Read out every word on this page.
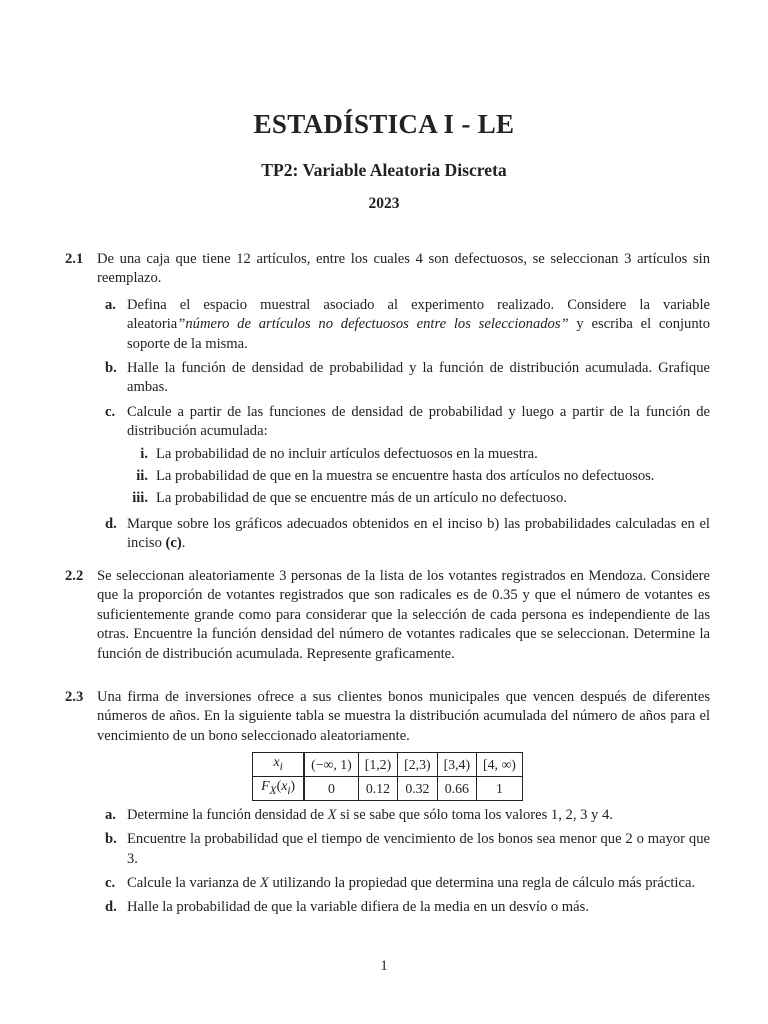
ESTADÍSTICA I - LE
TP2: Variable Aleatoria Discreta
2023
2.1 De una caja que tiene 12 artículos, entre los cuales 4 son defectuosos, se seleccionan 3 artículos sin reemplazo.
a. Defina el espacio muestral asociado al experimento realizado. Considere la variable aleatoria”número de artículos no defectuosos entre los seleccionados” y escriba el conjunto soporte de la misma.
b. Halle la función de densidad de probabilidad y la función de distribución acumulada. Grafique ambas.
c. Calcule a partir de las funciones de densidad de probabilidad y luego a partir de la función de distribución acumulada:
i. La probabilidad de no incluir artículos defectuosos en la muestra.
ii. La probabilidad de que en la muestra se encuentre hasta dos artículos no defectuosos.
iii. La probabilidad de que se encuentre más de un artículo no defectuoso.
d. Marque sobre los gráficos adecuados obtenidos en el inciso b) las probabilidades calculadas en el inciso (c).
2.2 Se seleccionan aleatoriamente 3 personas de la lista de los votantes registrados en Mendoza. Considere que la proporción de votantes registrados que son radicales es de 0.35 y que el número de votantes es suficientemente grande como para considerar que la selección de cada persona es independiente de las otras. Encuentre la función densidad del número de votantes radicales que se seleccionan. Determine la función de distribución acumulada. Represente graficamente.
2.3 Una firma de inversiones ofrece a sus clientes bonos municipales que vencen después de diferentes números de años. En la siguiente tabla se muestra la distribución acumulada del número de años para el vencimiento de un bono seleccionado aleatoriamente.
$x_i$	(−∞, 1)	[1,2)	[2,3)	[3,4)	[4, ∞)
$F_X(x_i)$	0	0.12	0.32	0.66	1
a. Determine la función densidad de X si se sabe que sólo toma los valores 1, 2, 3 y 4.
b. Encuentre la probabilidad que el tiempo de vencimiento de los bonos sea menor que 2 o mayor que 3.
c. Calcule la varianza de X utilizando la propiedad que determina una regla de cálculo más práctica.
d. Halle la probabilidad de que la variable difiera de la media en un desvío o más.
1
